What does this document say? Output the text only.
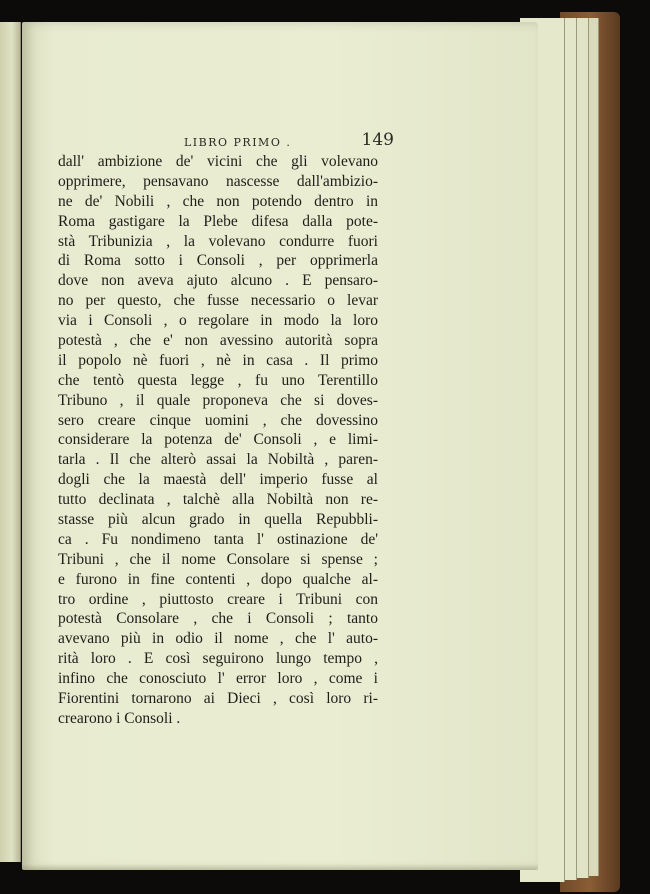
LIBRO PRIMO .	149
dall' ambizione de' vicini che gli volevano
opprimere, pensavano nascesse dall'ambizio-
ne de' Nobili , che non potendo dentro in
Roma gastigare la Plebe difesa dalla pote-
stà Tribunizia , la volevano condurre fuori
di Roma sotto i Consoli , per opprimerla
dove non aveva ajuto alcuno . E pensaro-
no per questo, che fusse necessario o levar
via i Consoli , o regolare in modo la loro
potestà , che e' non avessino autorità sopra
il popolo nè fuori , nè in casa . Il primo
che tentò questa legge , fu uno Terentillo
Tribuno , il quale proponeva che si doves-
sero creare cinque uomini , che dovessino
considerare la potenza de' Consoli , e limi-
tarla . Il che alterò assai la Nobiltà , paren-
dogli che la maestà dell' imperio fusse al
tutto declinata , talchè alla Nobiltà non re-
stasse più alcun grado in quella Repubbli-
ca . Fu nondimeno tanta l' ostinazione de'
Tribuni , che il nome Consolare si spense ;
e furono in fine contenti , dopo qualche al-
tro ordine , piuttosto creare i Tribuni con
potestà Consolare , che i Consoli ; tanto
avevano più in odio il nome , che l' auto-
rità loro . E così seguirono lungo tempo ,
infino che conosciuto l' error loro , come i
Fiorentini tornarono ai Dieci , così loro ri-
crearono i Consoli .
